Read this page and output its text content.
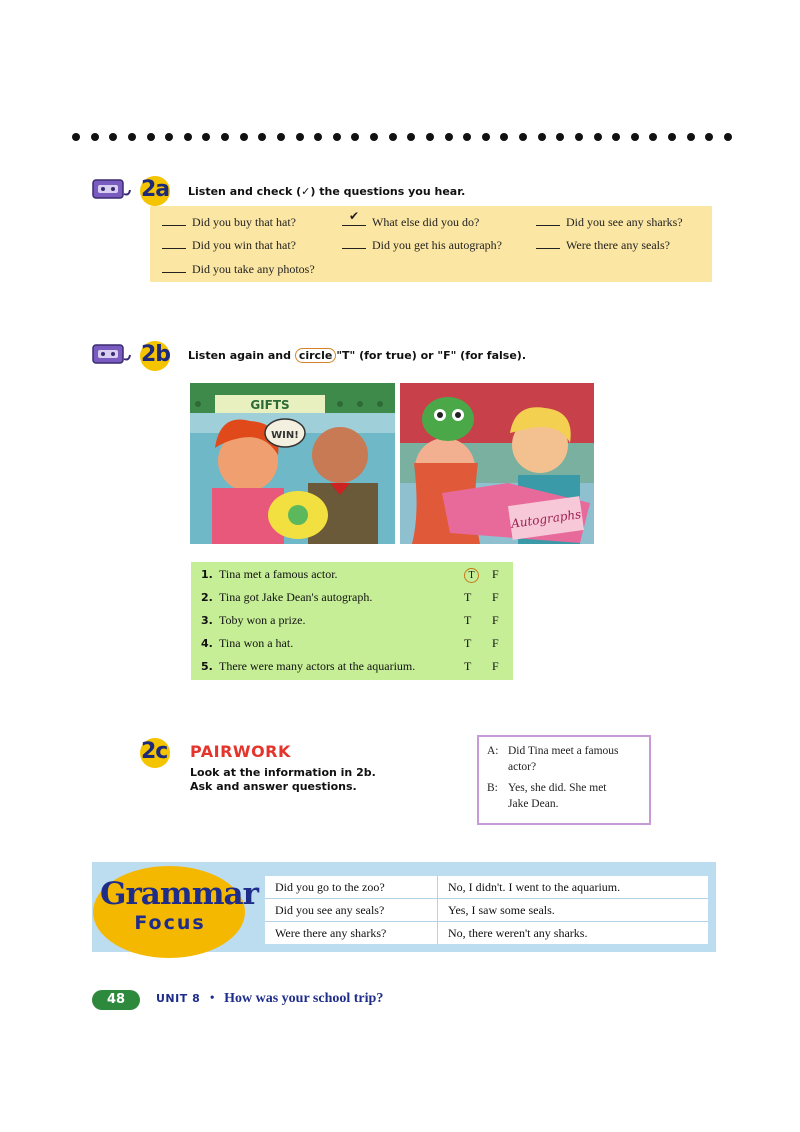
2a Listen and check (✓) the questions you hear.
Did you buy that hat?	✔ What else did you do?	Did you see any sharks?
Did you win that hat?	Did you get his autograph?	Were there any seals?
Did you take any photos?
2b Listen again and circle "T" (for true) or "F" (for false).
GIFTS
WIN!
Autographs
1. Tina met a famous actor.	T	F
2. Tina got Jake Dean's autograph.	T F
3. Toby won a prize.	T F
4. Tina won a hat.	T F
5. There were many actors at the aquarium.	T F
2c PAIRWORK
Look at the information in 2b.
Ask and answer questions.
A: Did Tina meet a famous
actor?
B: Yes, she did. She met
Jake Dean.
Grammar
Focus
Did you go to the zoo?	No, I didn't. I went to the aquarium.
Did you see any seals?	Yes, I saw some seals.
Were there any sharks?	No, there weren't any sharks.
48	UNIT 8 • How was your school trip?
